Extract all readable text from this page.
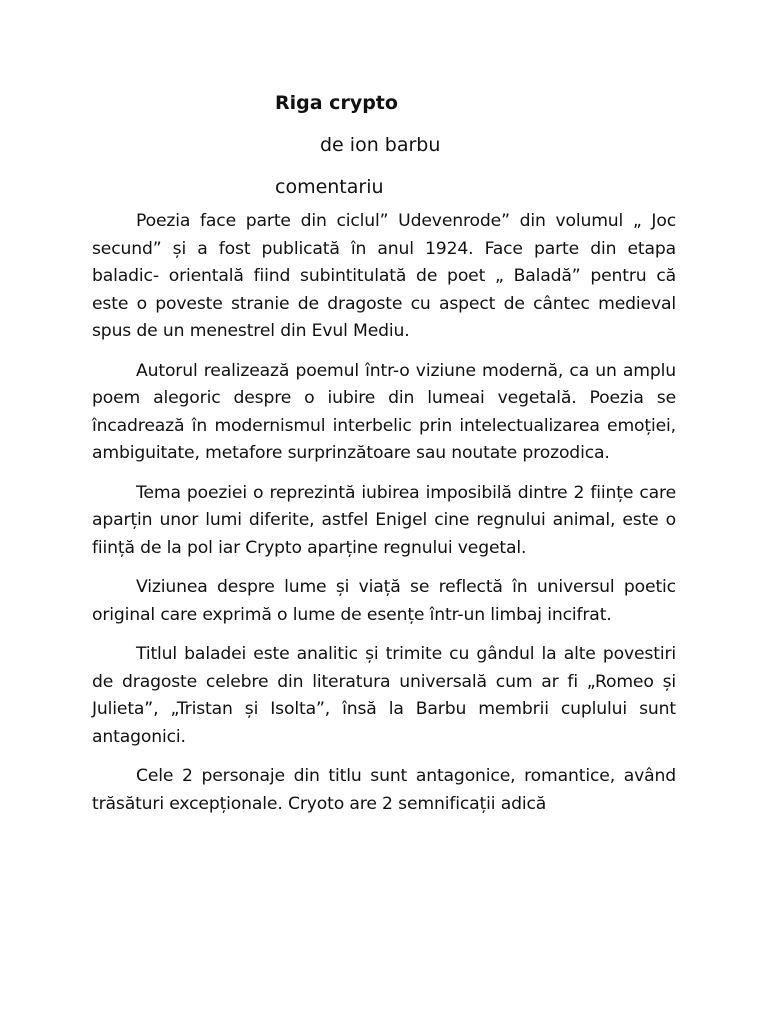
Riga crypto

de ion barbu

comentariu

Poezia face parte din ciclul” Udevenrode” din volumul „ Joc secund” și a fost publicată în anul 1924. Face parte din etapa baladic- orientală fiind subintitulată de poet „ Baladă” pentru că este o poveste stranie de dragoste cu aspect de cântec medieval spus de un menestrel din Evul Mediu.

Autorul realizează poemul într-o viziune modernă, ca un amplu poem alegoric despre o iubire din lumeai vegetală. Poezia se încadrează în modernismul interbelic prin intelectualizarea emoției, ambiguitate, metafore surprinzătoare sau noutate prozodica.

Tema poeziei o reprezintă iubirea imposibilă dintre 2 ființe care aparțin unor lumi diferite, astfel Enigel cine regnului animal, este o ființă de la pol iar Crypto aparține regnului vegetal.

Viziunea despre lume și viață se reflectă în universul poetic original care exprimă o lume de esențe într-un limbaj incifrat.

Titlul baladei este analitic și trimite cu gândul la alte povestiri de dragoste celebre din literatura universală cum ar fi „Romeo și Julieta”, „Tristan și Isolta”, însă la Barbu membrii cuplului sunt antagonici.

Cele 2 personaje din titlu sunt antagonice, romantice, având trăsături excepționale. Cryoto are 2 semnificații adică
